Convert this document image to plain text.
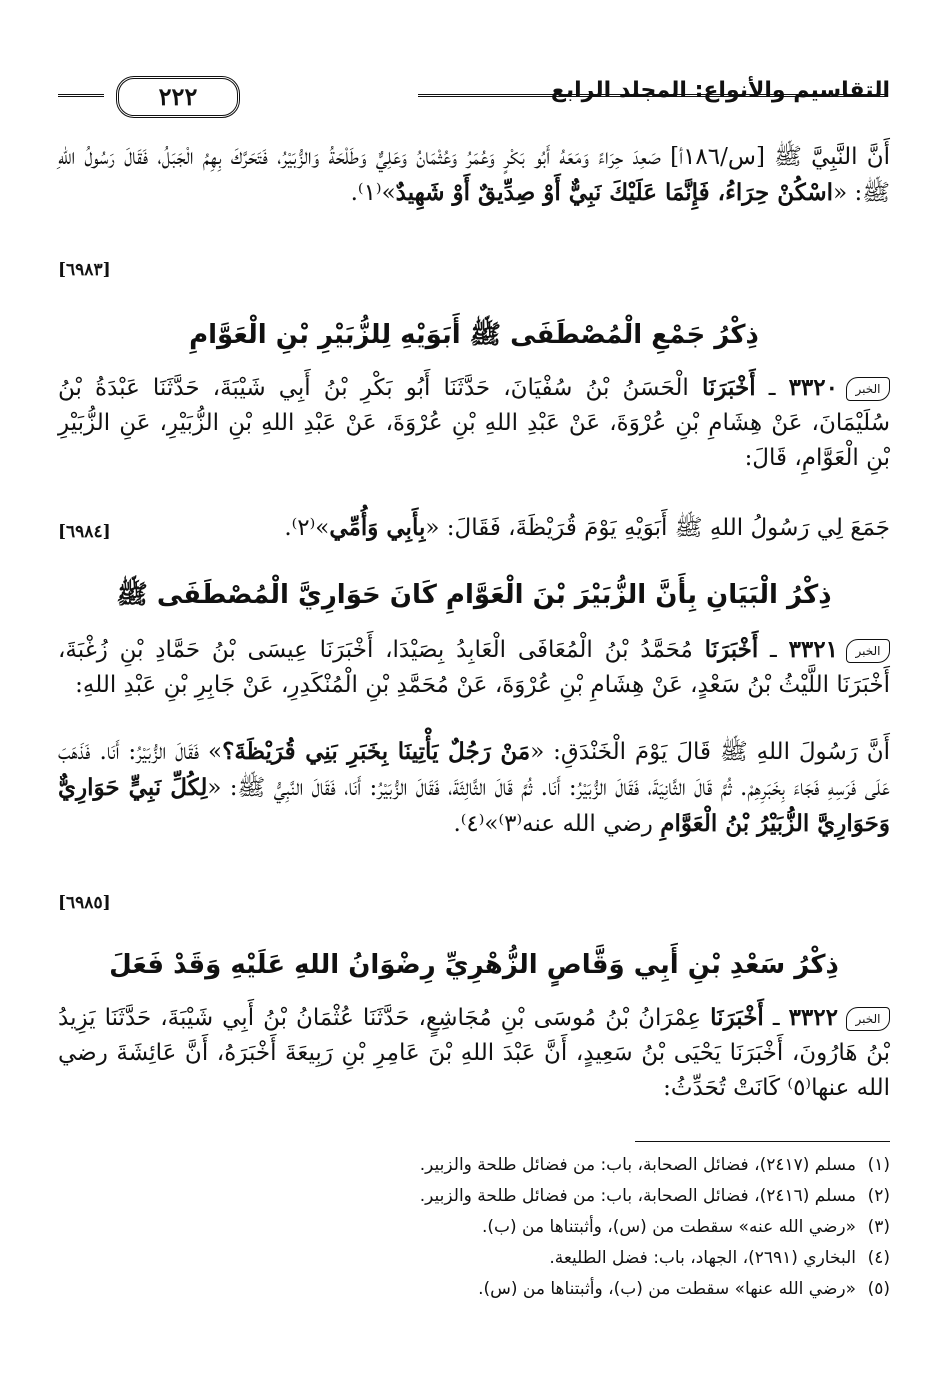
التقاسيم والأنواع: المجلد الرابع
٢٢٢
أَنَّ النَّبِيَّ ﷺ [س/١٨٦أ] صَعِدَ حِرَاءً وَمَعَهُ أَبُو بَكْرٍ وَعُمَرُ وَعُثْمَانُ وَعَلِيٌّ وَطَلْحَةُ وَالزُّبَيْرُ، فَتَحَرَّكَ بِهِمُ الْجَبَلُ، فَقَالَ رَسُولُ اللهِ ﷺ: «اسْكُنْ حِرَاءُ، فَإِنَّمَا عَلَيْكَ نَبِيٌّ أَوْ صِدِّيقٌ أَوْ شَهِيدٌ»⁽١⁾.
[٦٩٨٣]
ذِكْرُ جَمْعِ الْمُصْطَفَى ﷺ أَبَوَيْهِ لِلزُّبَيْرِ بْنِ الْعَوَّامِ
الخبر٣٣٢٠ ـ أَخْبَرَنَا الْحَسَنُ بْنُ سُفْيَانَ، حَدَّثَنَا أَبُو بَكْرِ بْنُ أَبِي شَيْبَةَ، حَدَّثَنَا عَبْدَةُ بْنُ سُلَيْمَانَ، عَنْ هِشَامِ بْنِ عُرْوَةَ، عَنْ عَبْدِ اللهِ بْنِ عُرْوَةَ، عَنْ عَبْدِ اللهِ بْنِ الزُّبَيْرِ، عَنِ الزُّبَيْرِ بْنِ الْعَوَّامِ، قَالَ:
جَمَعَ لِي رَسُولُ اللهِ ﷺ أَبَوَيْهِ يَوْمَ قُرَيْظَةَ، فَقَالَ: «بِأَبِي وَأُمِّي»⁽٢⁾.
[٦٩٨٤]
ذِكْرُ الْبَيَانِ بِأَنَّ الزُّبَيْرَ بْنَ الْعَوَّامِ كَانَ حَوَارِيَّ الْمُصْطَفَى ﷺ
الخبر٣٣٢١ ـ أَخْبَرَنَا مُحَمَّدُ بْنُ الْمُعَافَى الْعَابِدُ بِصَيْدَا، أَخْبَرَنَا عِيسَى بْنُ حَمَّادِ بْنِ زُغْبَةَ، أَخْبَرَنَا اللَّيْثُ بْنُ سَعْدٍ، عَنْ هِشَامِ بْنِ عُرْوَةَ، عَنْ مُحَمَّدِ بْنِ الْمُنْكَدِرِ، عَنْ جَابِرِ بْنِ عَبْدِ اللهِ:
أَنَّ رَسُولَ اللهِ ﷺ قَالَ يَوْمَ الْخَنْدَقِ: «مَنْ رَجُلٌ يَأْتِينَا بِخَبَرِ بَنِي قُرَيْظَةَ؟» فَقَالَ الزُّبَيْرُ: أَنَا. فَذَهَبَ عَلَى فَرَسِهِ فَجَاءَ بِخَبَرِهِمْ. ثُمَّ قَالَ الثَّانِيَةَ، فَقَالَ الزُّبَيْرُ: أَنَا. ثُمَّ قَالَ الثَّالِثَةَ، فَقَالَ الزُّبَيْرُ: أَنَا، فَقَالَ النَّبِيُّ ﷺ: «لِكُلِّ نَبِيٍّ حَوَارِيٌّ وَحَوَارِيَّ الزُّبَيْرُ بْنُ الْعَوَّامِ رضي الله عنه⁽٣⁾»⁽٤⁾.
[٦٩٨٥]
ذِكْرُ سَعْدِ بْنِ أَبِي وَقَّاصٍ الزُّهْرِيِّ رِضْوَانُ اللهِ عَلَيْهِ وَقَدْ فَعَلَ
الخبر٣٣٢٢ ـ أَخْبَرَنَا عِمْرَانُ بْنُ مُوسَى بْنِ مُجَاشِعٍ، حَدَّثَنَا عُثْمَانُ بْنُ أَبِي شَيْبَةَ، حَدَّثَنَا يَزِيدُ بْنُ هَارُونَ، أَخْبَرَنَا يَحْيَى بْنُ سَعِيدٍ، أَنَّ عَبْدَ اللهِ بْنَ عَامِرِ بْنِ رَبِيعَةَ أَخْبَرَهُ، أَنَّ عَائِشَةَ رضي الله عنها⁽٥⁾ كَانَتْ تُحَدِّثُ:
(١)مسلم (٢٤١٧)، فضائل الصحابة، باب: من فضائل طلحة والزبير.
(٢)مسلم (٢٤١٦)، فضائل الصحابة، باب: من فضائل طلحة والزبير.
(٣)«رضي الله عنه» سقطت من (س)، وأثبتناها من (ب).
(٤)البخاري (٢٦٩١)، الجهاد، باب: فضل الطليعة.
(٥)«رضي الله عنها» سقطت من (ب)، وأثبتناها من (س).
